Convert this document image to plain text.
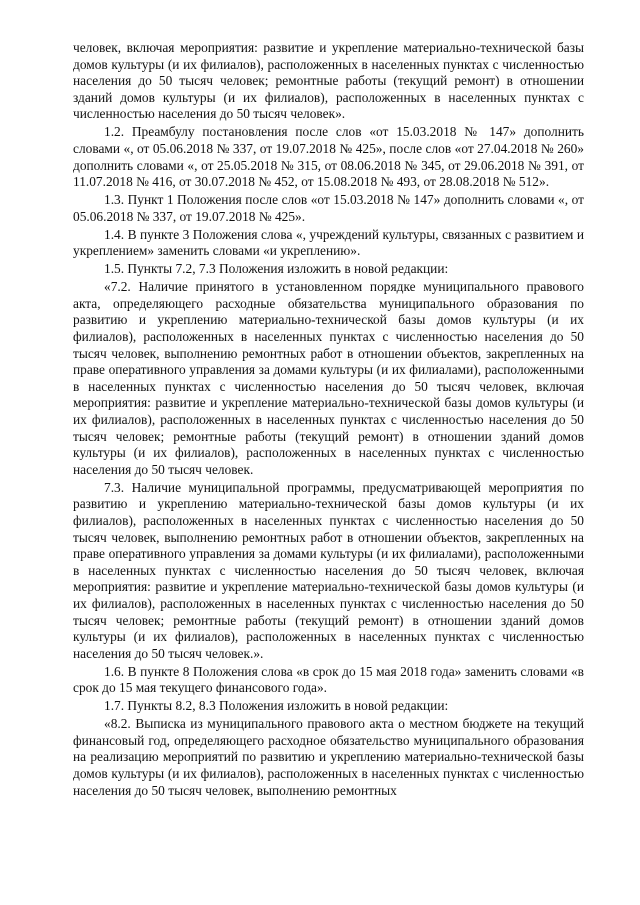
человек, включая мероприятия: развитие и укрепление материально-технической базы домов культуры (и их филиалов), расположенных в населенных пунктах с численностью населения до 50 тысяч человек; ремонтные работы (текущий ремонт) в отношении зданий домов культуры (и их филиалов), расположенных в населенных пунктах с численностью населения до 50 тысяч человек».

1.2. Преамбулу постановления после слов «от 15.03.2018 № 147» дополнить словами «, от 05.06.2018 № 337, от 19.07.2018 № 425», после слов «от 27.04.2018 № 260» дополнить словами «, от 25.05.2018 № 315, от 08.06.2018 № 345, от 29.06.2018 № 391, от 11.07.2018 № 416, от 30.07.2018 № 452, от 15.08.2018 № 493, от 28.08.2018 № 512».

1.3. Пункт 1 Положения после слов «от 15.03.2018 № 147» дополнить словами «, от 05.06.2018 № 337, от 19.07.2018 № 425».

1.4. В пункте 3 Положения слова «, учреждений культуры, связанных с развитием и укреплением» заменить словами «и укреплению».

1.5. Пункты 7.2, 7.3 Положения изложить в новой редакции:

«7.2. Наличие принятого в установленном порядке муниципального правового акта, определяющего расходные обязательства муниципального образования по развитию и укреплению материально-технической базы домов культуры (и их филиалов), расположенных в населенных пунктах с численностью населения до 50 тысяч человек, выполнению ремонтных работ в отношении объектов, закрепленных на праве оперативного управления за домами культуры (и их филиалами), расположенными в населенных пунктах с численностью населения до 50 тысяч человек, включая мероприятия: развитие и укрепление материально-технической базы домов культуры (и их филиалов), расположенных в населенных пунктах с численностью населения до 50 тысяч человек; ремонтные работы (текущий ремонт) в отношении зданий домов культуры (и их филиалов), расположенных в населенных пунктах с численностью населения до 50 тысяч человек.

7.3. Наличие муниципальной программы, предусматривающей мероприятия по развитию и укреплению материально-технической базы домов культуры (и их филиалов), расположенных в населенных пунктах с численностью населения до 50 тысяч человек, выполнению ремонтных работ в отношении объектов, закрепленных на праве оперативного управления за домами культуры (и их филиалами), расположенными в населенных пунктах с численностью населения до 50 тысяч человек, включая мероприятия: развитие и укрепление материально-технической базы домов культуры (и их филиалов), расположенных в населенных пунктах с численностью населения до 50 тысяч человек; ремонтные работы (текущий ремонт) в отношении зданий домов культуры (и их филиалов), расположенных в населенных пунктах с численностью населения до 50 тысяч человек.».

1.6. В пункте 8 Положения слова «в срок до 15 мая 2018 года» заменить словами «в срок до 15 мая текущего финансового года».

1.7. Пункты 8.2, 8.3 Положения изложить в новой редакции:

«8.2. Выписка из муниципального правового акта о местном бюджете на текущий финансовый год, определяющего расходное обязательство муниципального образования на реализацию мероприятий по развитию и укреплению материально-технической базы домов культуры (и их филиалов), расположенных в населенных пунктах с численностью населения до 50 тысяч человек, выполнению ремонтных
